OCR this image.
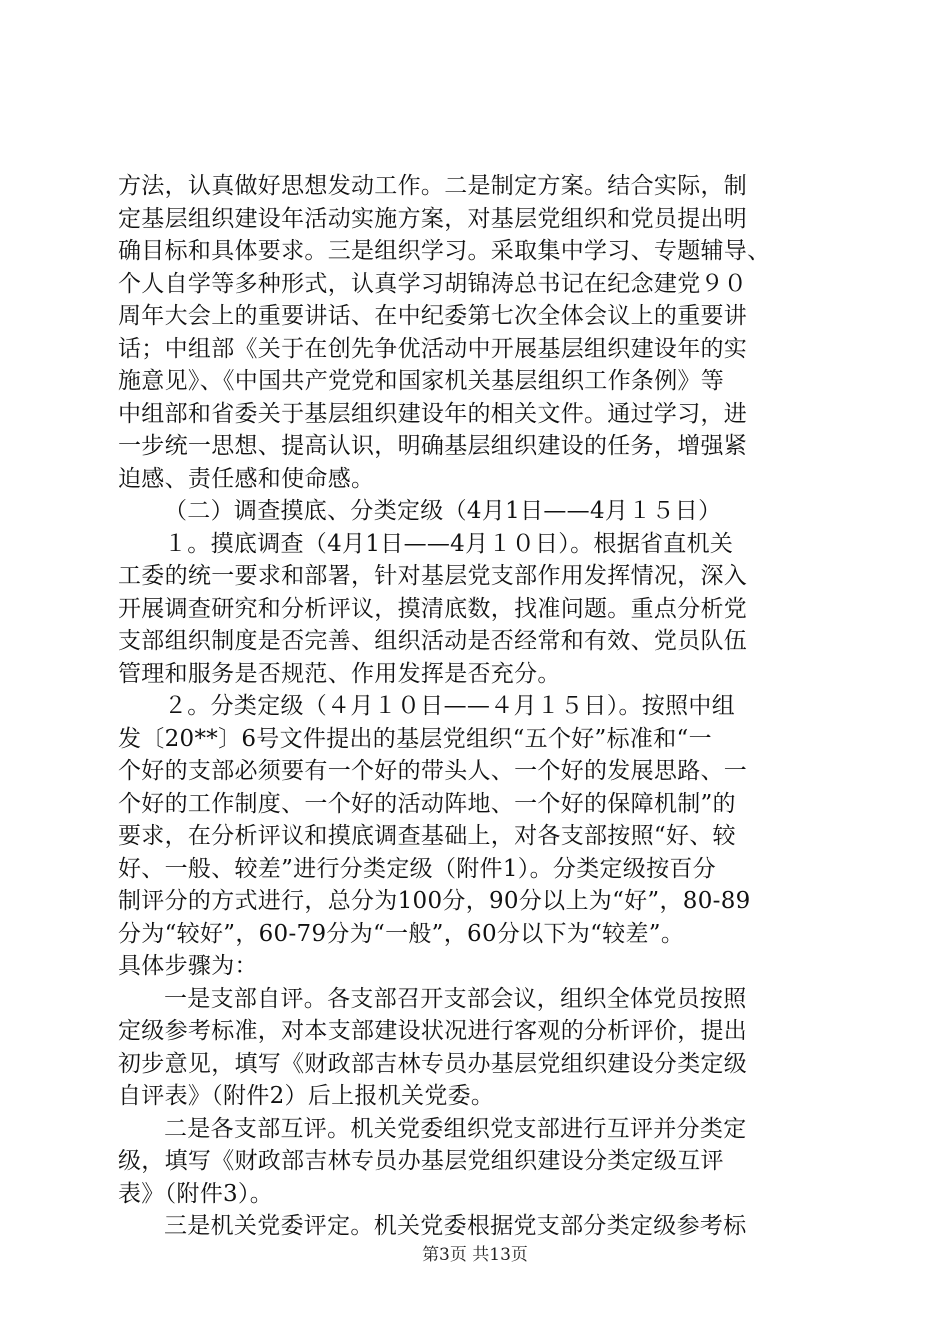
方法，认真做好思想发动工作。二是制定方案。结合实际，制
定基层组织建设年活动实施方案，对基层党组织和党员提出明
确目标和具体要求。三是组织学习。采取集中学习、专题辅导、
个人自学等多种形式，认真学习胡锦涛总书记在纪念建党９０
周年大会上的重要讲话、在中纪委第七次全体会议上的重要讲
话；中组部《关于在创先争优活动中开展基层组织建设年的实
施意见》、《中国共产党党和国家机关基层组织工作条例》等
中组部和省委关于基层组织建设年的相关文件。通过学习，进
一步统一思想、提高认识，明确基层组织建设的任务，增强紧
迫感、责任感和使命感。
（二）调查摸底、分类定级（4月1日——4月１５日）
１。摸底调查（4月1日——4月１０日）。根据省直机关
工委的统一要求和部署，针对基层党支部作用发挥情况，深入
开展调查研究和分析评议，摸清底数，找准问题。重点分析党
支部组织制度是否完善、组织活动是否经常和有效、党员队伍
管理和服务是否规范、作用发挥是否充分。
２。分类定级（４月１０日——４月１５日）。按照中组
发〔20**〕6号文件提出的基层党组织“五个好”标准和“一
个好的支部必须要有一个好的带头人、一个好的发展思路、一
个好的工作制度、一个好的活动阵地、一个好的保障机制”的
要求，在分析评议和摸底调查基础上，对各支部按照“好、较
好、一般、较差”进行分类定级（附件1）。分类定级按百分
制评分的方式进行，总分为100分，90分以上为“好”，80-89
分为“较好”，60-79分为“一般”，60分以下为“较差”。
具体步骤为：
一是支部自评。各支部召开支部会议，组织全体党员按照
定级参考标准，对本支部建设状况进行客观的分析评价，提出
初步意见，填写《财政部吉林专员办基层党组织建设分类定级
自评表》（附件2）后上报机关党委。
二是各支部互评。机关党委组织党支部进行互评并分类定
级，填写《财政部吉林专员办基层党组织建设分类定级互评
表》（附件3）。
三是机关党委评定。机关党委根据党支部分类定级参考标
第3页 共13页
